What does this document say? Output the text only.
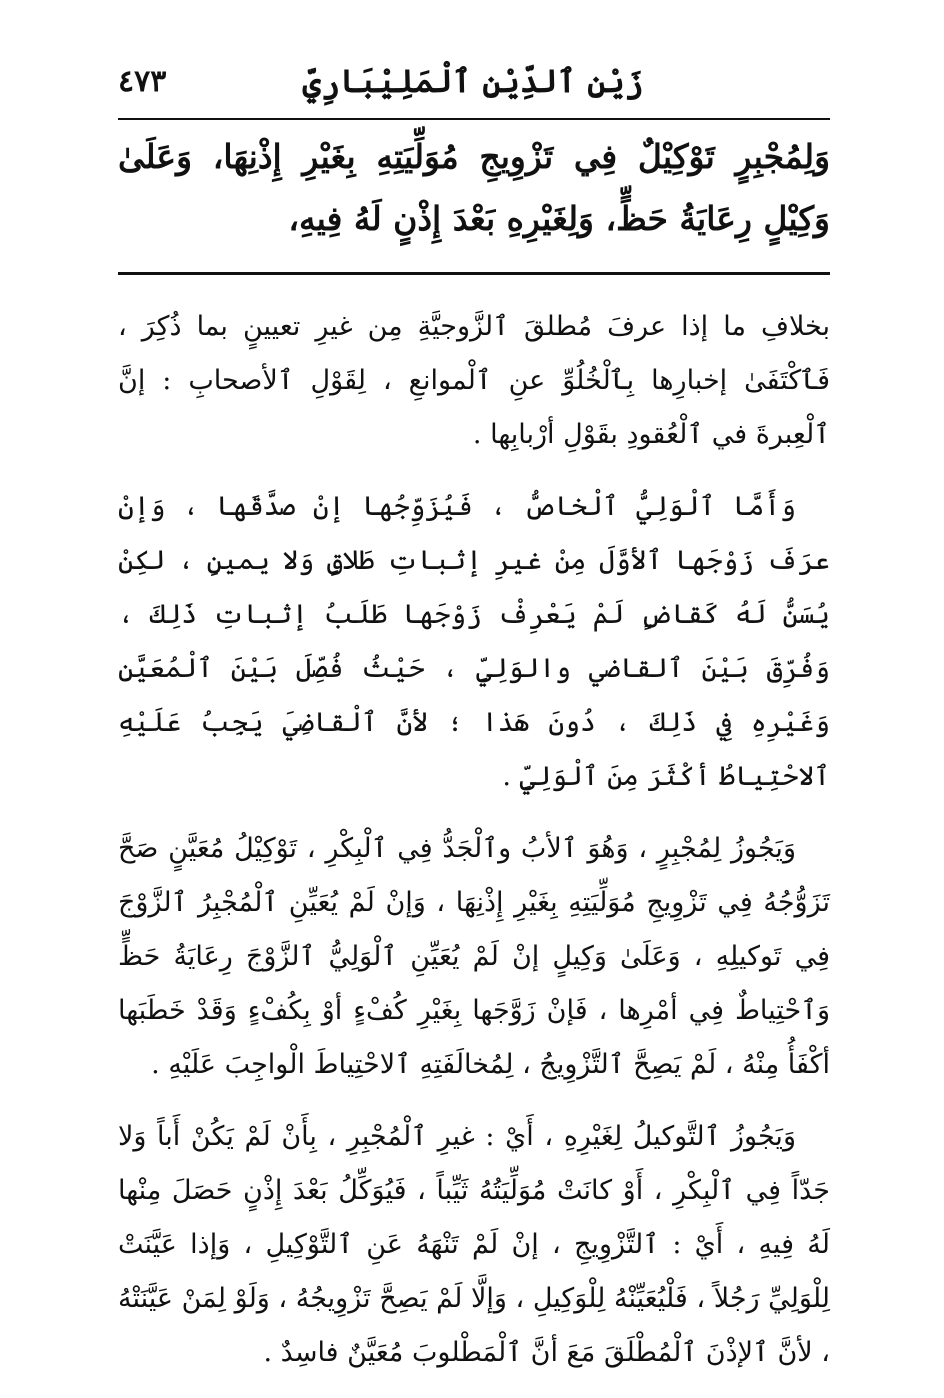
٤٧٣	زَيْنِ ٱلدِّيْنِ ٱلْمَلِيْبَارِيِّ
وَلِمُجْبِرٍ تَوْكِيْلٌ فِي تَزْوِيجِ مُوَلِّيَتِهِ بِغَيْرِ إِذْنِهَا، وَعَلَىٰ وَكِيْلٍ رِعَايَةُ حَظٍّ، وَلِغَيْرِهِ بَعْدَ إِذْنٍ لَهُ فِيهِ،

بخلافِ ما إذا عرفَ مُطلقَ ٱلزَّوجيَّةِ مِن غيرِ تعيينٍ بما ذُكِرَ ، فَٱكْتَفَىٰ إخبارِها بِٱلْخُلُوِّ عنِ ٱلْموانعِ ، لِقَوْلِ ٱلأصحابِ : إنَّ ٱلْعِبرةَ في ٱلْعُقودِ بقَوْلِ أرْبابِها .

وَأَمَّا ٱلْوَلِيُّ ٱلْخاصُّ ، فَيُزَوِّجُها إنْ صدَّقَها ، وَإنْ عرَفَ زَوْجَها ٱلأوَّلَ مِنْ غيرِ إثباتِ طَلاقٍ وَلا يمينٍ ، لكِنْ يُسَنُّ لَهُ كَقاضٍ لَمْ يَعْرِفْ زَوْجَها طَلَبُ إثباتِ ذَلِكَ ، وَفُرِّقَ بَيْنَ ٱلقاضي والوَلِيِّ ، حَيْثُ فُصِّلَ بَيْنَ ٱلْمُعَيَّنِ وَغَيْرِهِ فِي ذَلِكَ ، دُونَ هَذا ؛ لأنَّ ٱلْقاضِيَ يَجِبُ عَلَيْهِ ٱلاحْتِياطُ أكْثَرَ مِنَ ٱلْوَلِيِّ .

وَيَجُوزُ لِمُجْبِرٍ ، وَهُوَ ٱلأبُ وٱلْجَدُّ فِي ٱلْبِكْرِ ، تَوْكِيْلُ مُعَيَّنٍ صَحَّ تَزَوُّجُهُ فِي تَزْوِيجِ مُوَلِّيَتِهِ بِغَيْرِ إِذْنِهَا ، وَإنْ لَمْ يُعَيِّنِ ٱلْمُجْبِرُ ٱلزَّوْجَ فِي تَوكيلِهِ ، وَعَلَىٰ وَكِيلٍ إنْ لَمْ يُعَيِّنِ ٱلْوَلِيُّ ٱلزَّوْجَ رِعَايَةُ حَظٍّ وَٱحْتِياطٌ فِي أمْرِها ، فَإنْ زَوَّجَها بِغَيْرِ كُفْءٍ أوْ بِكُفْءٍ وَقَدْ خَطَبَها أكْفَأُ مِنْهُ ، لَمْ يَصِحَّ ٱلتَّزْوِيجُ ، لِمُخالَفَتِهِ ٱلاحْتِياطَ الْواجِبَ عَلَيْهِ .

وَيَجُوزُ ٱلتَّوكيلُ لِغَيْرِهِ ، أَيْ : غيرِ ٱلْمُجْبِرِ ، بِأَنْ لَمْ يَكُنْ أَباً وَلا جَدّاً فِي ٱلْبِكْرِ ، أَوْ كانَتْ مُوَلِّيَتُهُ ثَيِّباً ، فَيُوَكِّلُ بَعْدَ إِذْنٍ حَصَلَ مِنْها لَهُ فِيهِ ، أَيْ : ٱلتَّزْوِيجِ ، إنْ لَمْ تَنْهَهُ عَنِ ٱلتَّوْكِيلِ ، وَإذا عَيَّنَتْ لِلْوَلِيِّ رَجُلاً ، فَلْيُعَيِّنْهُ لِلْوَكِيلِ ، وَإلَّا لَمْ يَصِحَّ تَزْوِيجُهُ ، وَلَوْ لِمَنْ عَيَّنَتْهُ ، لأنَّ ٱلإذْنَ ٱلْمُطْلَقَ مَعَ أنَّ ٱلْمَطْلوبَ مُعَيَّنٌ فاسِدٌ .
